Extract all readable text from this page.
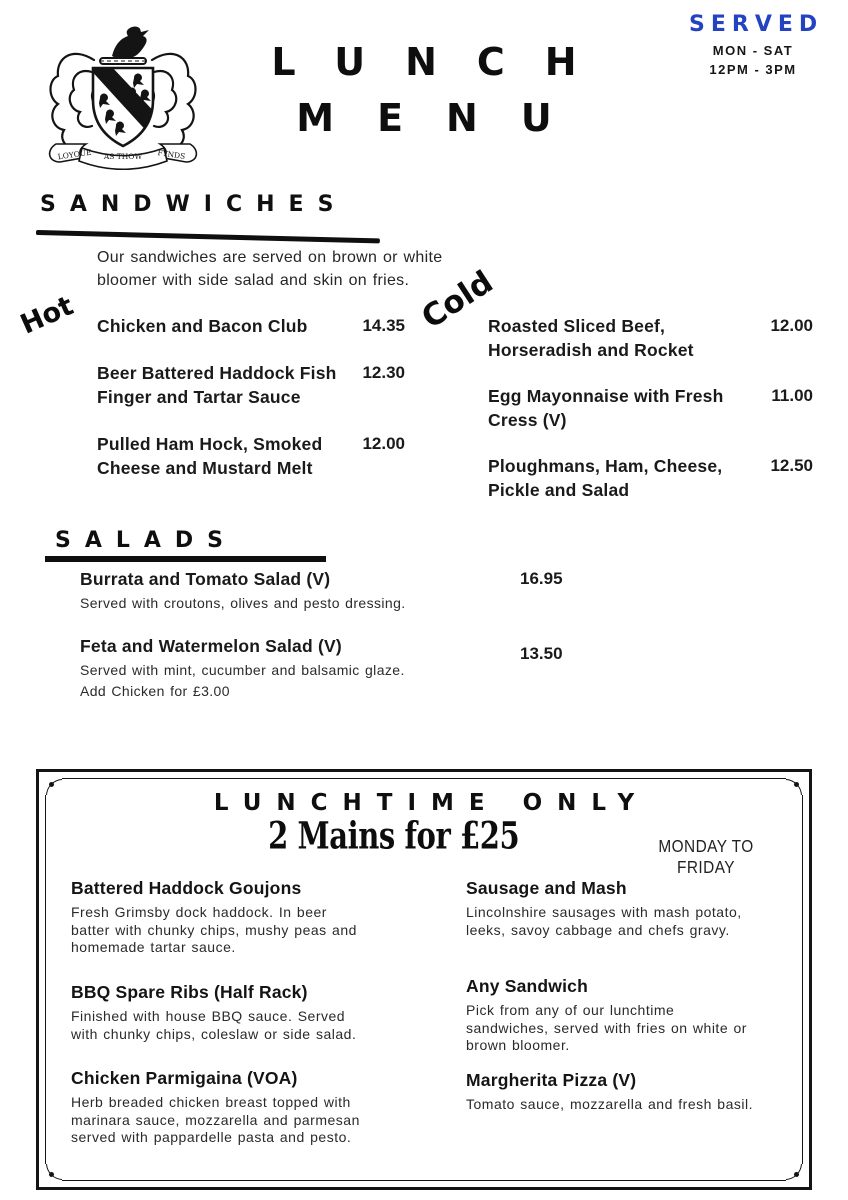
LOYOUE AS THOW FYNDS
LUNCH
MENU
SERVED
MON - SAT
12PM - 3PM
SANDWICHES
Our sandwiches are served on brown or white bloomer with side salad and skin on fries.
Hot	Cold
Chicken and Bacon Club	14.35
Beer Battered Haddock Fish Finger and Tartar Sauce
12.30
Pulled Ham Hock, Smoked Cheese and Mustard Melt
12.00
Roasted Sliced Beef, Horseradish and Rocket
12.00
Egg Mayonnaise with Fresh Cress (V)
11.00
Ploughmans, Ham, Cheese, Pickle and Salad
12.50
SALADS
Burrata and Tomato Salad (V)
Served with croutons, olives and pesto dressing.
16.95
Feta and Watermelon Salad (V)
Served with mint, cucumber and balsamic glaze.
Add Chicken for £3.00
13.50
LUNCHTIME ONLY
2 Mains for £25	MONDAY TO
FRIDAY
Battered Haddock Goujons
Fresh Grimsby dock haddock. In beer batter with chunky chips, mushy peas and homemade tartar sauce.
BBQ Spare Ribs (Half Rack)
Finished with house BBQ sauce. Served with chunky chips, coleslaw or side salad.
Chicken Parmigaina (VOA)
Herb breaded chicken breast topped with marinara sauce, mozzarella and parmesan served with pappardelle pasta and pesto.
Sausage and Mash
Lincolnshire sausages with mash potato, leeks, savoy cabbage and chefs gravy.
Any Sandwich
Pick from any of our lunchtime sandwiches, served with fries on white or brown bloomer.
Margherita Pizza (V)
Tomato sauce, mozzarella and fresh basil.
